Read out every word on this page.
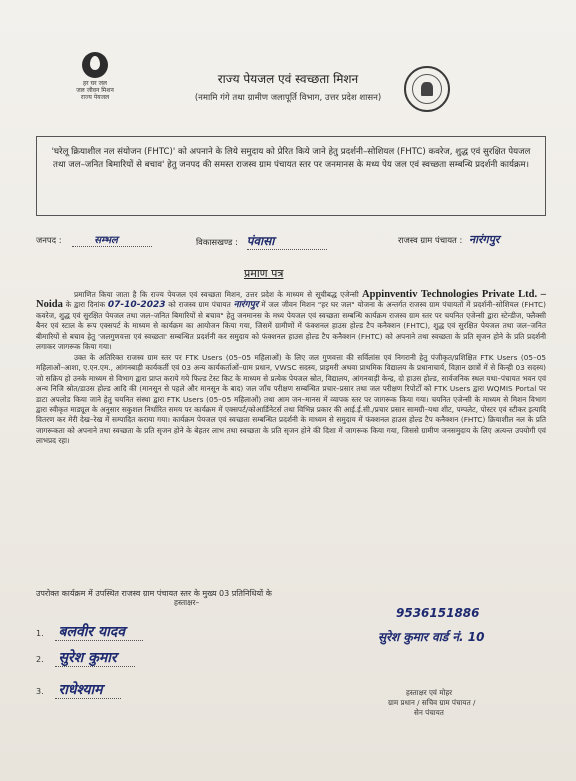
हर घर जल
जल जीवन मिशन
राज्य पेयजल
राज्य पेयजल एवं स्वच्छता मिशन
(नमामि गंगे तथा ग्रामीण जलापूर्ति विभाग, उत्तर प्रदेश शासन)
'घरेलू क्रियाशील नल संयोजन (FHTC)' को अपनाने के लिये समुदाय को प्रेरित किये जाने हेतु प्रदर्शनी–सोशियल (FHTC) कवरेज, शुद्ध एवं सुरक्षित पेयजल तथा जल–जनित बिमारियों से बचाव' हेतु जनपद की समस्त राजस्व ग्राम पंचायत स्तर पर जनमानस के मध्य पेय जल एवं स्वच्छता सम्बन्धि प्रदर्शनी कार्यक्रम।
जनपद :	सम्भल	विकासखण्ड : पंवासा	राजस्व ग्राम पंचायत : नारंगपुर
प्रमाण पत्र

प्रमाणित किया जाता है कि राज्य पेयजल एवं स्वच्छता मिशन, उत्तर प्रदेश के माध्यम से सूचीबद्ध एजेन्सी Appinventiv Technologies Private Ltd. – Noida के द्वारा दिनांक 07-10-2023 को राजस्व ग्राम पंचायत नारंगपुर में जल जीवन मिशन "हर घर जल" योजना के अन्तर्गत राजस्व ग्राम पंचायतों में प्रदर्शनी–सोशियल (FHTC) कवरेज, शुद्ध एवं सुरक्षित पेयजल तथा जल–जनित बिमारियों से बचाव" हेतु जनमानस के मध्य पेयजल एवं स्वच्छता सम्बन्धि कार्यक्रम राजस्व ग्राम स्तर पर चयनित एजेन्सी द्वारा स्टेन्डीज, फ्लैक्सी बैनर एवं स्टाल के रूप एक्सपर्ट के माध्यम से कार्यक्रम का आयोजन किया गया, जिसमें ग्रामीणों में फंक्शनल हाउस होल्ड टैप कनैक्शन (FHTC), शुद्ध एवं सुरक्षित पेयजल तथा जल–जनित बीमारियों से बचाव हेतु 'जलगुणवत्ता एवं स्वच्छता' सम्बन्धित प्रदर्शनी कर समुदाय को फंक्शनल हाउस होल्ड टैप कनैक्शन (FHTC) को अपनाने तथा स्वच्छता के प्रति सृजन होने के प्रति प्रदर्शनी लगाकर जागरूक किया गया।

उक्त के अतिरिक्त राजस्व ग्राम स्तर पर FTK Users (05–05 महिलाओं) के लिए जल गुणवत्ता की सर्विलांस एवं निगरानी हेतु पंजीकृत/प्रशिक्षित FTK Users (05–05 महिलाओं–आशा, ए.एन.एम., आंगनबाड़ी कार्यकर्ती एवं 03 अन्य कार्यकर्ताओं–ग्राम प्रधान, VWSC सदस्य, प्राइमरी अथवा प्राथमिक विद्यालय के प्रधानाचार्य, विज्ञान छात्रों में से किन्ही 03 सदस्य) जो सक्रिय हो उनके माध्यम से विभाग द्वारा प्राप्त कराये गये फिल्ड टेस्ट किट के माध्यम से प्रत्येक पेयजल स्रोत, विद्यालय, आंगनवाड़ी केन्द्र, दो हाउस होल्ड, सार्वजनिक स्थल यथा–पंचायत भवन एवं अन्य निजि स्रोत/डाउस होल्ड आदि की (मानसून से पहले और मानसून के बाद) जल जाँच परीक्षण सम्बन्धित प्रचार–प्रसार तथा जल परीक्षण रिपोर्टों को FTK Users द्वारा WQMIS Portal पर डाटा अपलोड किया जाने हेतु चयनित संस्था द्वारा FTK Users (05–05 महिलाओं) तथा आम जन–मानस में व्यापक स्तर पर जागरूक किया गया। चयनित एजेन्सी के माध्यम से मिशन विभाग द्वारा स्वीकृत माड्यूल के अनुसार सकुशल निर्धारित समय पर कार्यक्रम में एक्सपर्ट/कोआर्डिनेटर्स तथा विभिन्न प्रकार की आई.ई.सी./प्रचार प्रसार सामग्री–यथा शीट, पम्पलेट, पोस्टर एवं स्टीकर इत्यादि वितरण कर मेरी देख–रेख में सम्पादित कराया गया। कार्यक्रम पेयजल एवं स्वच्छता सम्बन्धित प्रदर्शनी के माध्यम से समुदाय में फंक्शनल हाउस होल्ड टैप कनैक्शन (FHTC) क्रियाशील नल के प्रति जागरूकता को अपनाने तथा स्वच्छता के प्रति सृजन होने के बेहतर लाभ तथा स्वच्छता के प्रति सृजन होने की दिशा में जागरूक किया गया, जिससे ग्रामीण जनसमुदाय के लिए अत्यन्त उपयोगी एवं लाभप्रद रहा।

उपरोक्त कार्यक्रम में उपस्थित राजस्व ग्राम पंचायत स्तर के मुख्य 03 प्रतिनिधियों के
हस्ताक्षर–
1. बलवीर यादव
2. सुरेश कुमार
3. राधेश्याम
9536151886
सुरेश कुमार वार्ड नं. 10
हस्ताक्षर एवं मोहर
ग्राम प्रधान / सचिव ग्राम पंचायत /
सेन पंचायत
